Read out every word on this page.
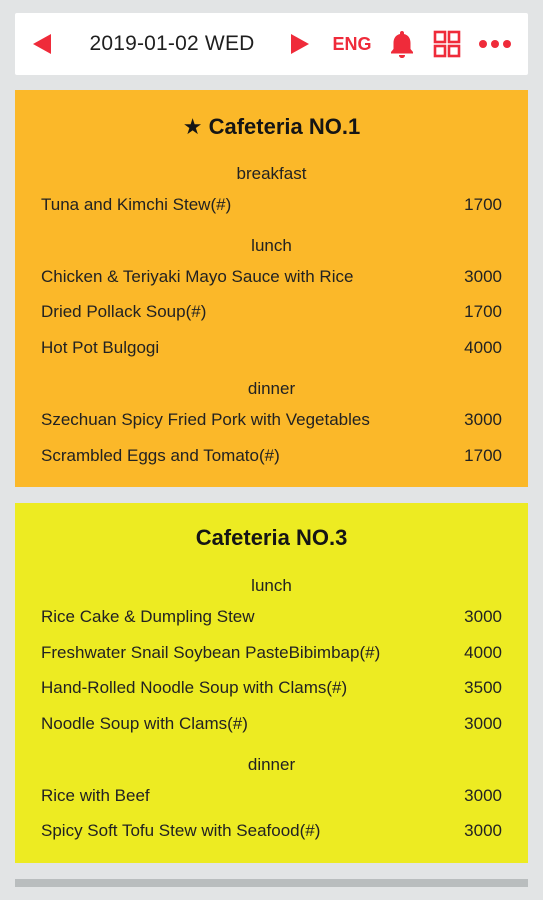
2019-01-02 WED	ENG
★ Cafeteria NO.1
breakfast
Tuna and Kimchi Stew(#)	1700
lunch
Chicken & Teriyaki Mayo Sauce with Rice	3000
Dried Pollack Soup(#)	1700
Hot Pot Bulgogi	4000
dinner
Szechuan Spicy Fried Pork with Vegetables	3000
Scrambled Eggs and Tomato(#)	1700
Cafeteria NO.3
lunch
Rice Cake & Dumpling Stew	3000
Freshwater Snail Soybean PasteBibimbap(#)	4000
Hand-Rolled Noodle Soup with Clams(#)	3500
Noodle Soup with Clams(#)	3000
dinner
Rice with Beef	3000
Spicy Soft Tofu Stew with Seafood(#)	3000
